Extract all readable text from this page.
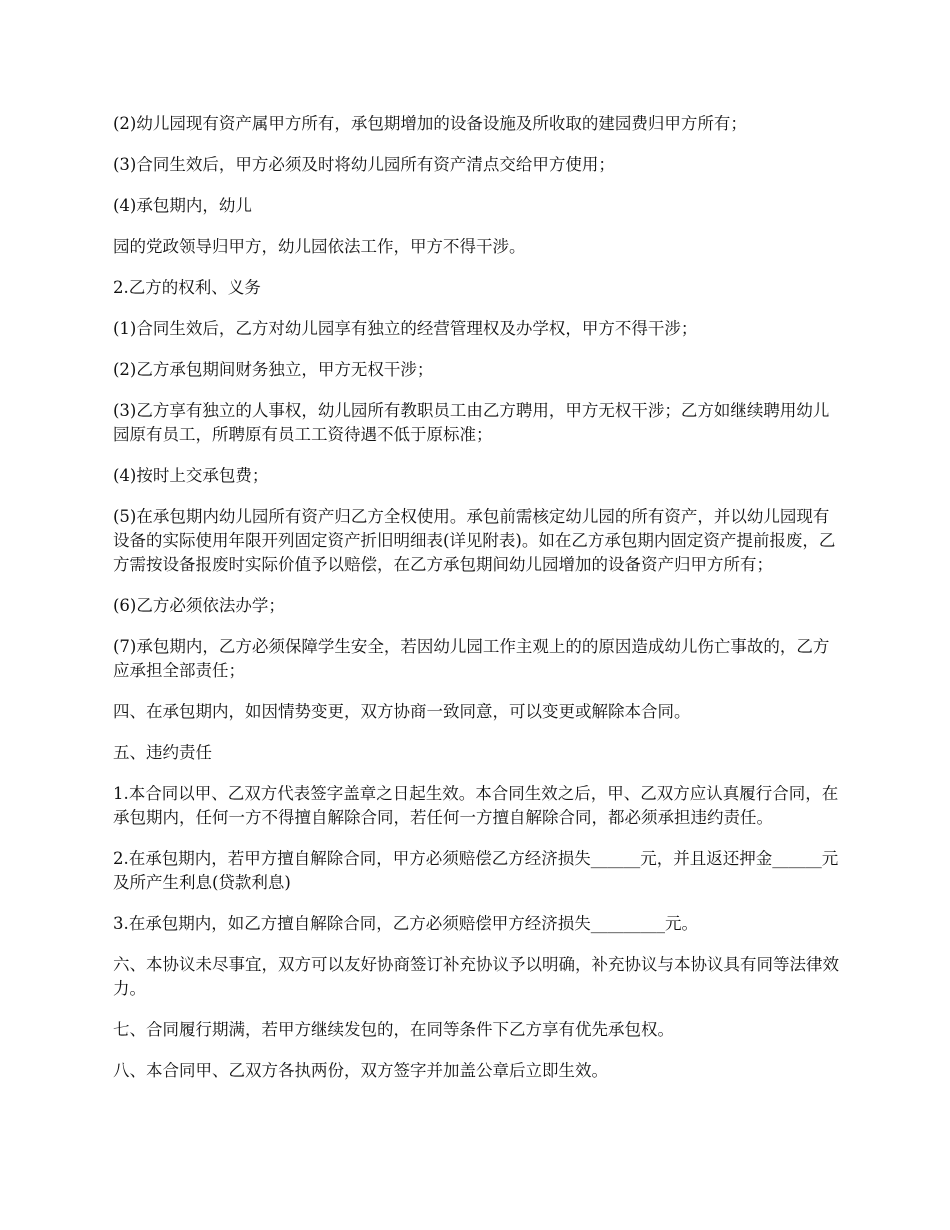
(2)幼儿园现有资产属甲方所有，承包期增加的设备设施及所收取的建园费归甲方所有；

(3)合同生效后，甲方必须及时将幼儿园所有资产清点交给甲方使用；

(4)承包期内，幼儿

园的党政领导归甲方，幼儿园依法工作，甲方不得干涉。

2.乙方的权利、义务

(1)合同生效后，乙方对幼儿园享有独立的经营管理权及办学权，甲方不得干涉；

(2)乙方承包期间财务独立，甲方无权干涉；

(3)乙方享有独立的人事权，幼儿园所有教职员工由乙方聘用，甲方无权干涉；乙方如继续聘用幼儿园原有员工，所聘原有员工工资待遇不低于原标准；

(4)按时上交承包费；

(5)在承包期内幼儿园所有资产归乙方全权使用。承包前需核定幼儿园的所有资产，并以幼儿园现有设备的实际使用年限开列固定资产折旧明细表(详见附表)。如在乙方承包期内固定资产提前报废，乙方需按设备报废时实际价值予以赔偿，在乙方承包期间幼儿园增加的设备资产归甲方所有；

(6)乙方必须依法办学；

(7)承包期内，乙方必须保障学生安全，若因幼儿园工作主观上的的原因造成幼儿伤亡事故的，乙方应承担全部责任；

四、在承包期内，如因情势变更，双方协商一致同意，可以变更或解除本合同。

五、违约责任

1.本合同以甲、乙双方代表签字盖章之日起生效。本合同生效之后，甲、乙双方应认真履行合同，在承包期内，任何一方不得擅自解除合同，若任何一方擅自解除合同，都必须承担违约责任。

2.在承包期内，若甲方擅自解除合同，甲方必须赔偿乙方经济损失______元，并且返还押金______元及所产生利息(贷款利息)

3.在承包期内，如乙方擅自解除合同，乙方必须赔偿甲方经济损失_________元。

六、本协议未尽事宜，双方可以友好协商签订补充协议予以明确，补充协议与本协议具有同等法律效力。

七、合同履行期满，若甲方继续发包的，在同等条件下乙方享有优先承包权。

八、本合同甲、乙双方各执两份，双方签字并加盖公章后立即生效。
